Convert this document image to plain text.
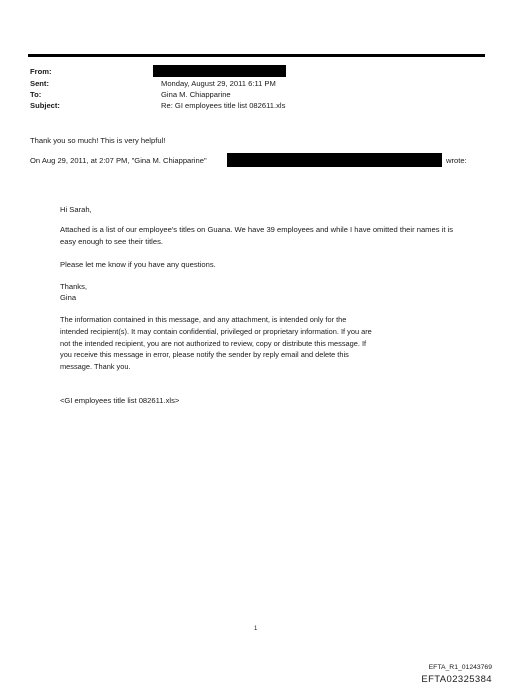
From:
Sent:	Monday, August 29, 2011 6:11 PM
To:	Gina M. Chiapparine
Subject:	Re: GI employees title list 082611.xls
Thank you so much! This is very helpful!
On Aug 29, 2011, at 2:07 PM, "Gina M. Chiapparine"	wrote:
Hi Sarah,
Attached is a list of our employee's titles on Guana. We have 39 employees and while I have omitted their names it is easy enough to see their titles.
Please let me know if you have any questions.
Thanks,
Gina
The information contained in this message, and any attachment, is intended only for the intended recipient(s). It may contain confidential, privileged or proprietary information. If you are not the intended recipient, you are not authorized to review, copy or distribute this message. If you receive this message in error, please notify the sender by reply email and delete this message. Thank you.
<GI employees title list 082611.xls>
1
EFTA_R1_01243769
EFTA02325384
